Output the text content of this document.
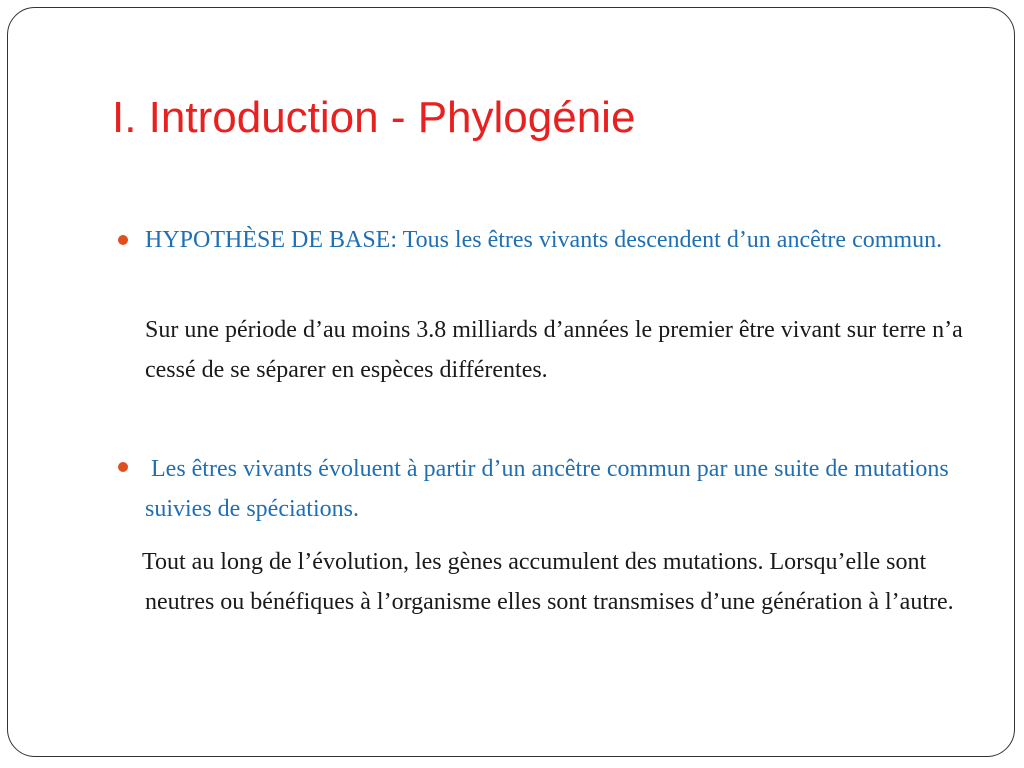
I. Introduction - Phylogénie

HYPOTHÈSE DE BASE: Tous les êtres vivants descendent d’un ancêtre commun.

Sur une période d’au moins 3.8 milliards d’années le premier être vivant sur terre n’a cessé de se séparer en espèces différentes.

Les êtres vivants évoluent à partir d’un ancêtre commun par une suite de mutations suivies de spéciations.

Tout au long de l’évolution, les gènes accumulent des mutations. Lorsqu’elle sont neutres ou bénéfiques à l’organisme elles sont transmises d’une génération à l’autre.
